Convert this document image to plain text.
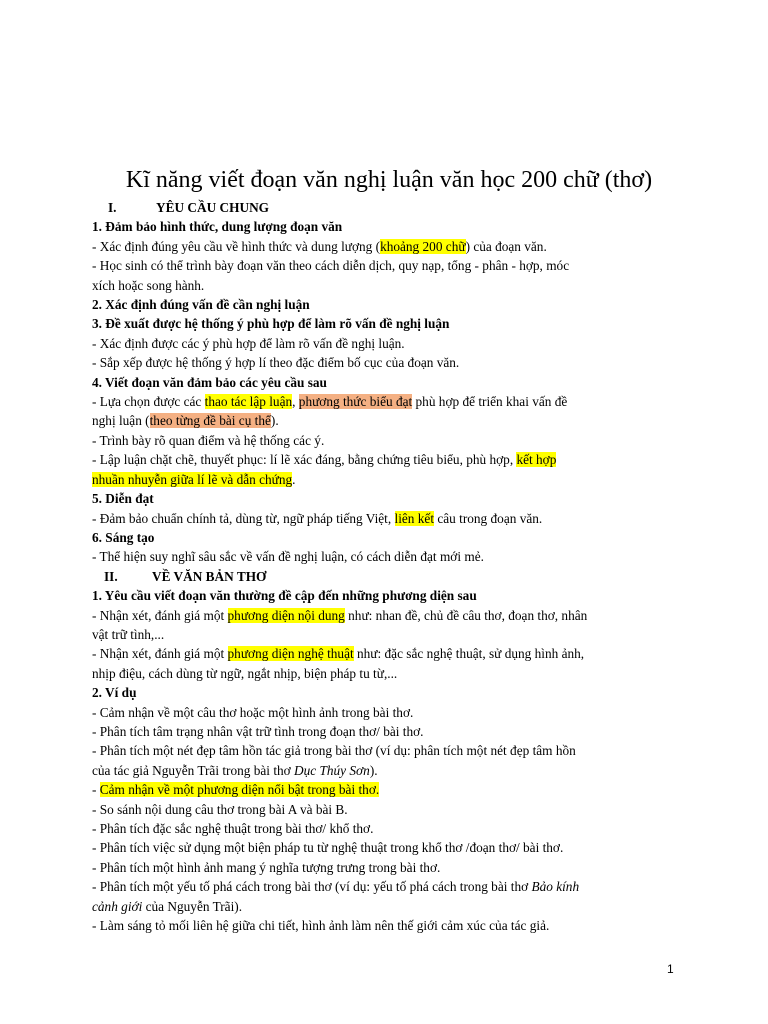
Kĩ năng viết đoạn văn nghị luận văn học 200 chữ (thơ)
I.	YÊU CẦU CHUNG
1. Đảm bảo hình thức, dung lượng đoạn văn
- Xác định đúng yêu cầu về hình thức và dung lượng (khoảng 200 chữ) của đoạn văn.
- Học sinh có thể trình bày đoạn văn theo cách diễn dịch, quy nạp, tổng - phân - hợp, móc
xích hoặc song hành.
2. Xác định đúng vấn đề cần nghị luận
3. Đề xuất được hệ thống ý phù hợp để làm rõ vấn đề nghị luận
- Xác định được các ý phù hợp để làm rõ vấn đề nghị luận.
- Sắp xếp được hệ thống ý hợp lí theo đặc điểm bố cục của đoạn văn.
4. Viết đoạn văn đảm bảo các yêu cầu sau
- Lựa chọn được các thao tác lập luận, phương thức biểu đạt phù hợp để triển khai vấn đề
nghị luận (theo từng đề bài cụ thể).
- Trình bày rõ quan điểm và hệ thống các ý.
- Lập luận chặt chẽ, thuyết phục: lí lẽ xác đáng, bằng chứng tiêu biểu, phù hợp, kết hợp
nhuần nhuyễn giữa lí lẽ và dẫn chứng.
5. Diễn đạt
- Đảm bảo chuẩn chính tả, dùng từ, ngữ pháp tiếng Việt, liên kết câu trong đoạn văn.
6. Sáng tạo
- Thể hiện suy nghĩ sâu sắc về vấn đề nghị luận, có cách diễn đạt mới mẻ.
II.	VỀ VĂN BẢN THƠ
1. Yêu cầu viết đoạn văn thường đề cập đến những phương diện sau
- Nhận xét, đánh giá một phương diện nội dung như: nhan đề, chủ đề câu thơ, đoạn thơ, nhân
vật trữ tình,...
- Nhận xét, đánh giá một phương diện nghệ thuật như: đặc sắc nghệ thuật, sử dụng hình ảnh,
nhịp điệu, cách dùng từ ngữ, ngắt nhịp, biện pháp tu từ,...
2. Ví dụ
- Cảm nhận về một câu thơ hoặc một hình ảnh trong bài thơ.
- Phân tích tâm trạng nhân vật trữ tình trong đoạn thơ/ bài thơ.
- Phân tích một nét đẹp tâm hồn tác giả trong bài thơ (ví dụ: phân tích một nét đẹp tâm hồn
của tác giả Nguyễn Trãi trong bài thơ Dục Thúy Sơn).
- Cảm nhận về một phương diện nổi bật trong bài thơ.
- So sánh nội dung câu thơ trong bài A và bài B.
- Phân tích đặc sắc nghệ thuật trong bài thơ/ khổ thơ.
- Phân tích việc sử dụng một biện pháp tu từ nghệ thuật trong khổ thơ /đoạn thơ/ bài thơ.
- Phân tích một hình ảnh mang ý nghĩa tượng trưng trong bài thơ.
- Phân tích một yếu tố phá cách trong bài thơ (ví dụ: yếu tố phá cách trong bài thơ Bảo kính
cảnh giới của Nguyễn Trãi).
- Làm sáng tỏ mối liên hệ giữa chi tiết, hình ảnh làm nên thế giới cảm xúc của tác giả.
1
